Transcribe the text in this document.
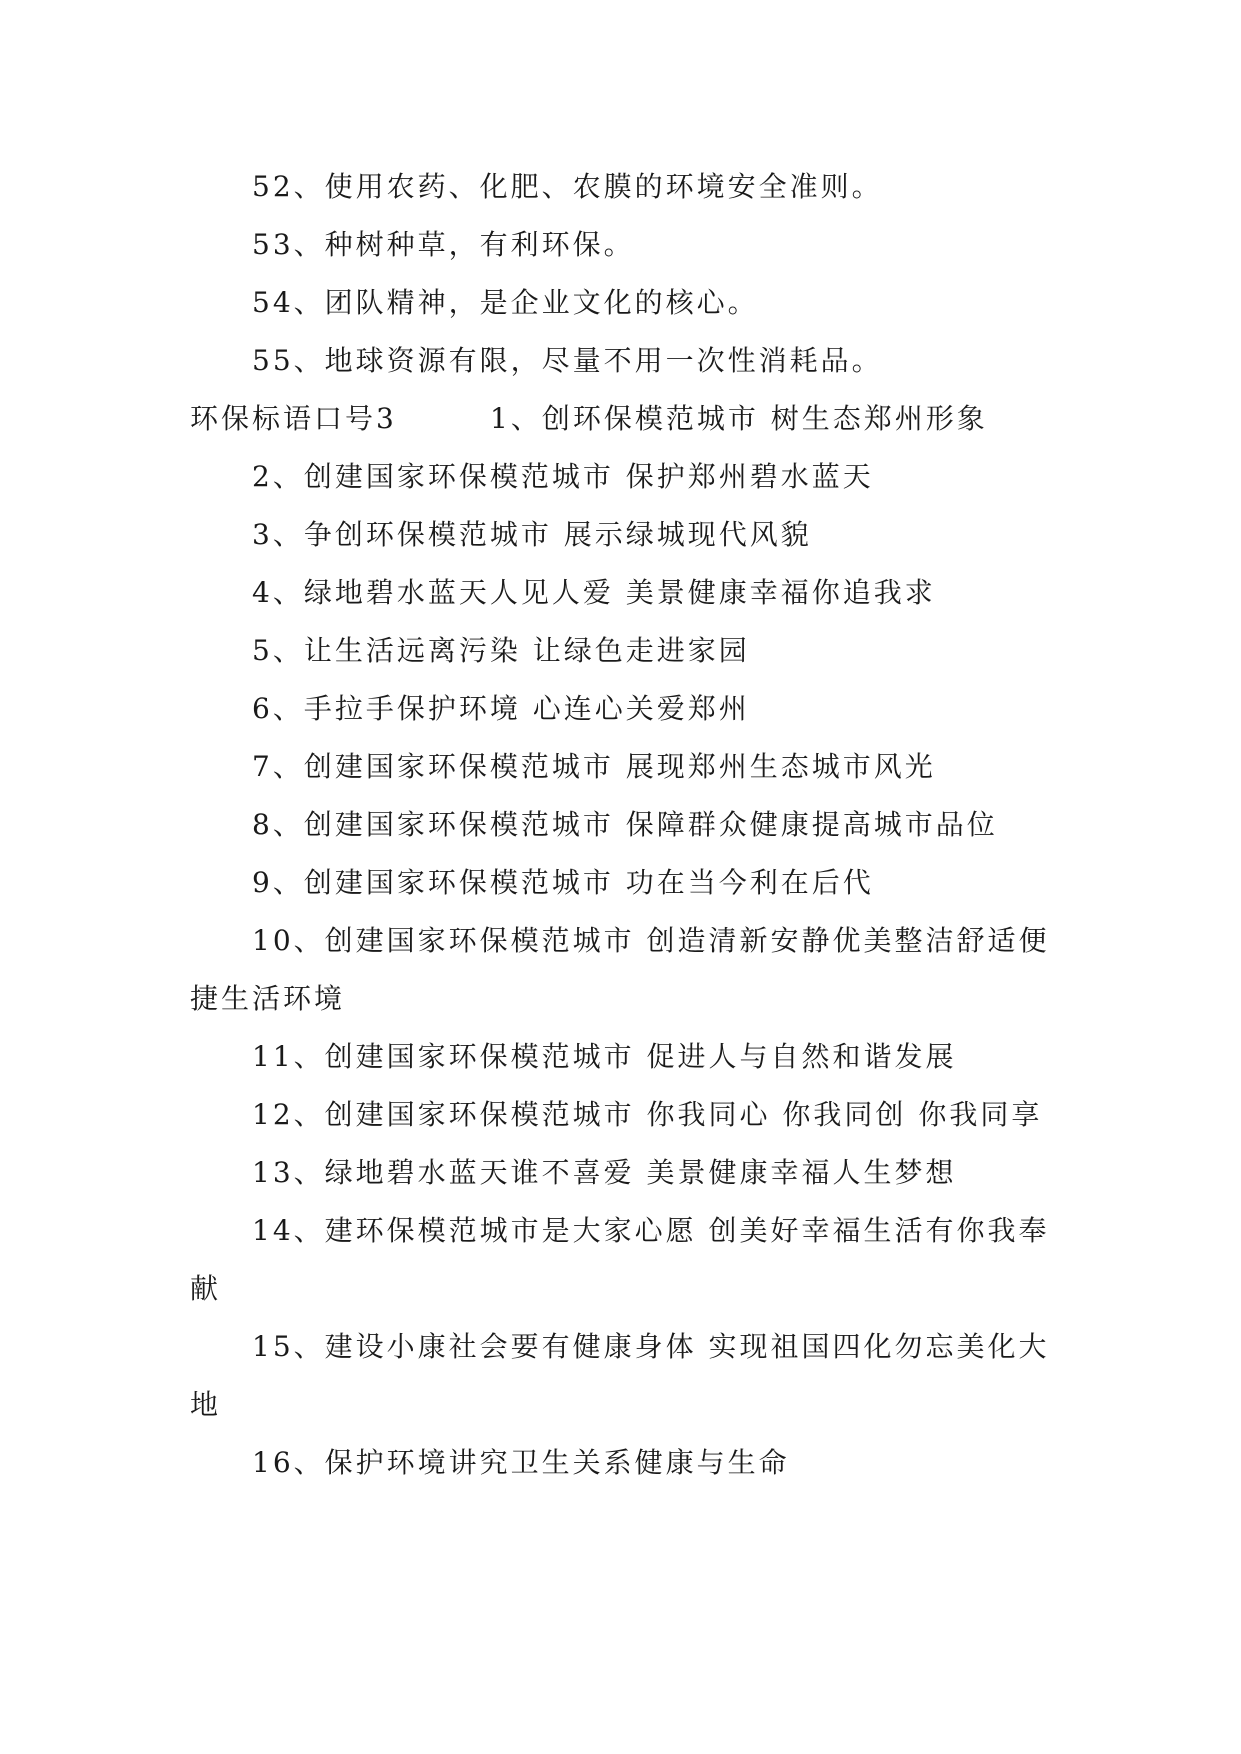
52、使用农药、化肥、农膜的环境安全准则。

53、种树种草，有利环保。

54、团队精神，是企业文化的核心。

55、地球资源有限，尽量不用一次性消耗品。

环保标语口号3	1、创环保模范城市 树生态郑州形象

2、创建国家环保模范城市 保护郑州碧水蓝天

3、争创环保模范城市 展示绿城现代风貌

4、绿地碧水蓝天人见人爱 美景健康幸福你追我求

5、让生活远离污染 让绿色走进家园

6、手拉手保护环境 心连心关爱郑州

7、创建国家环保模范城市 展现郑州生态城市风光

8、创建国家环保模范城市 保障群众健康提高城市品位

9、创建国家环保模范城市 功在当今利在后代

10、创建国家环保模范城市 创造清新安静优美整洁舒适便捷生活环境

11、创建国家环保模范城市 促进人与自然和谐发展

12、创建国家环保模范城市 你我同心 你我同创 你我同享

13、绿地碧水蓝天谁不喜爱 美景健康幸福人生梦想

14、建环保模范城市是大家心愿 创美好幸福生活有你我奉献

15、建设小康社会要有健康身体 实现祖国四化勿忘美化大地

16、保护环境讲究卫生关系健康与生命
